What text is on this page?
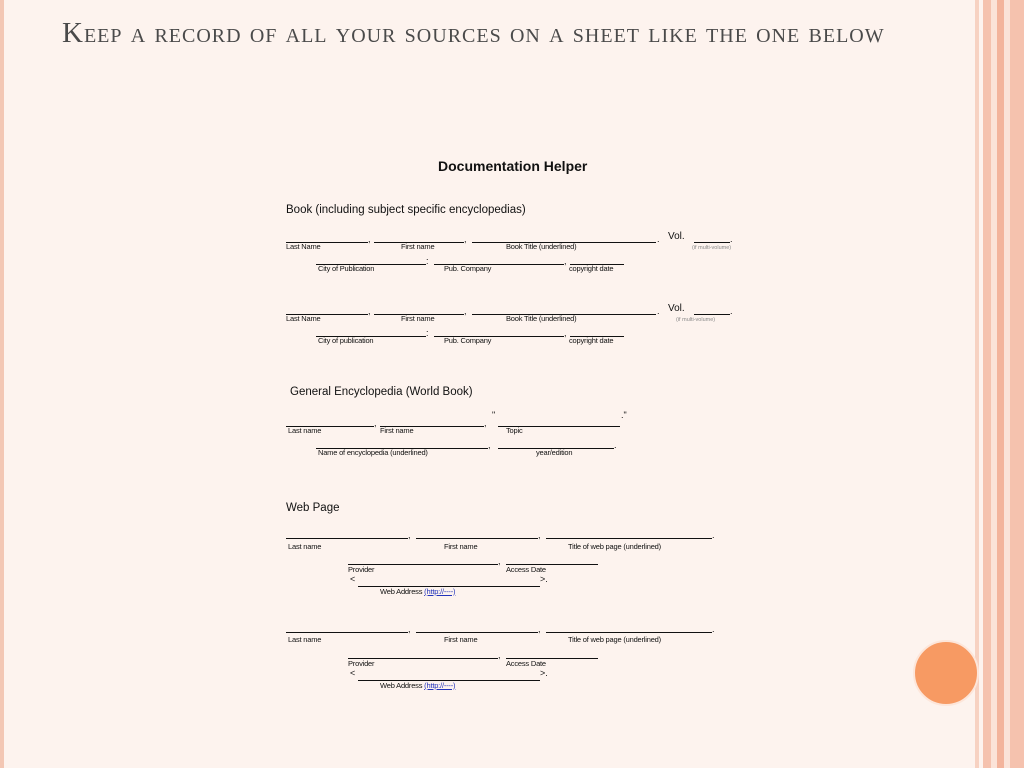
Keep a record of all your sources on a sheet like the one below
Documentation Helper
Book (including subject specific encyclopedias)
,	,	. Vol.	.
Last Name	First name	Book Title (underlined)	(if multi-volume)
:	,
City of Publication	Pub. Company	copyright date
,	,	. Vol.	.
Last Name	First name	Book Title (underlined)	(if multi-volume)
:	,
City of publication	Pub. Company	copyright date
General Encyclopedia (World Book)
,	,
"	."
Last name	First name	Topic
,	.
Name of encyclopedia (underlined)	year/edition
Web Page
,	,	.
Last name	First name	Title of web page (underlined)
,
Provider	Access Date
<	>.
Web Address (http://----)
,	,	.
Last name	First name	Title of web page (underlined)
,
Provider	Access Date
<	>.
Web Address (http://----)
